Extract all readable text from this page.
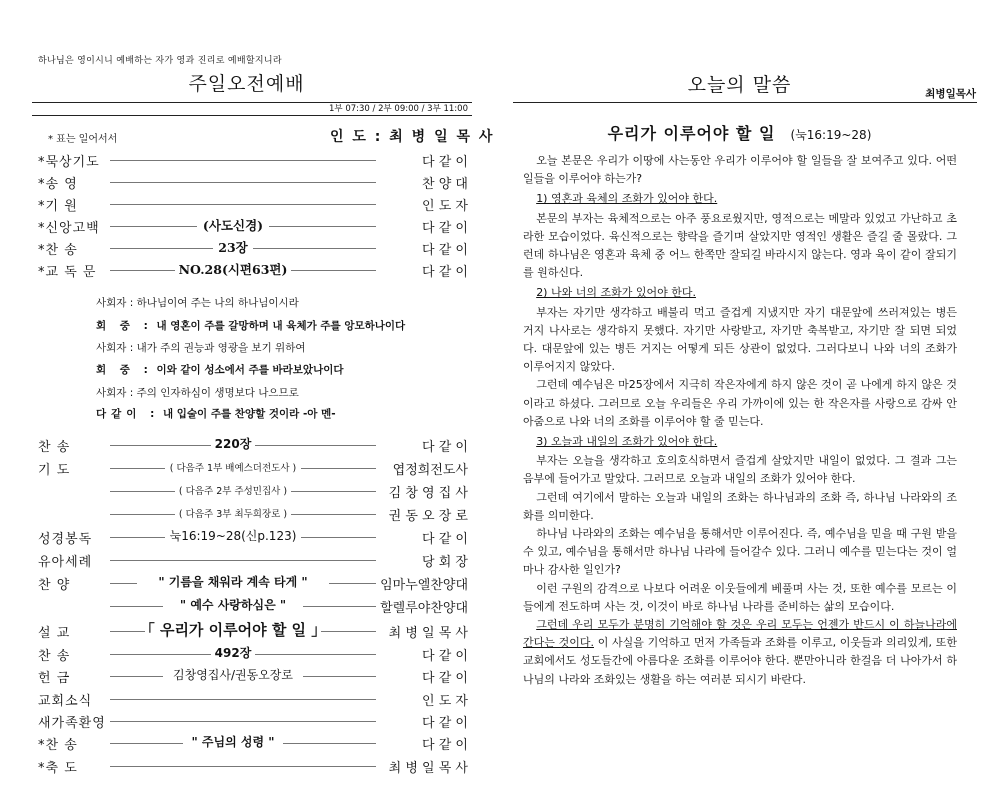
하나님은 영이시니 예배하는 자가 영과 진리로 예배할지니라
주일오전예배
1부 07:30 / 2부 09:00 / 3부 11:00
* 표는 일어서서	인 도 : 최 병 일 목 사
*묵상기도	다 같 이
*송 영	찬 양 대
*기 원	인 도 자
*신앙고백	(사도신경)	다 같 이
*찬 송	23장	다 같 이
*교 독 문	NO.28(시편63편)	다 같 이
사회자 : 하나님이여 주는 나의 하나님이시라
회 중 : 내 영혼이 주를 갈망하며 내 육체가 주를 앙모하나이다
사회자 : 내가 주의 권능과 영광을 보기 위하여
회 중 : 이와 같이 성소에서 주를 바라보았나이다
사회자 : 주의 인자하심이 생명보다 나으므로
다같이 : 내 입술이 주를 찬양할 것이라 -아 멘-
찬 송	220장	다 같 이
기 도	( 다음주 1부 배예스더전도사 )	엽정희전도사
( 다음주 2부 주성민집사 )	김 창 영 집 사
( 다음주 3부 최두희장로 )	권 동 오 장 로
성경봉독	눅16:19~28(신p.123)	다 같 이
유아세례	당 회 장
찬 양	" 기름을 채워라 계속 타게 "	임마누엘찬양대
" 예수 사랑하심은 "	할렐루야찬양대
설 교	「 우리가 이루어야 할 일 」	최 병 일 목 사
찬 송	492장	다 같 이
헌 금	김창영집사/권동오장로	다 같 이
교회소식	인 도 자
새가족환영	다 같 이
*찬 송	" 주님의 성령 "	다 같 이
*축 도	최 병 일 목 사
오늘의 말씀	최병일목사
우리가 이루어야 할 일 (눅16:19~28)

오늘 본문은 우리가 이땅에 사는동안 우리가 이루어야 할 일들을 잘 보여주고 있다. 어떤 일들을 이루어야 하는가?

1) 영혼과 육체의 조화가 있어야 한다.

본문의 부자는 육체적으로는 아주 풍요로웠지만, 영적으로는 메말라 있었고 가난하고 초라한 모습이었다. 육신적으로는 향락을 즐기며 살았지만 영적인 생활은 즐길 줄 몰랐다. 그런데 하나님은 영혼과 육체 중 어느 한쪽만 잘되길 바라시지 않는다. 영과 육이 같이 잘되기를 원하신다.

2) 나와 너의 조화가 있어야 한다.

부자는 자기만 생각하고 배불리 먹고 즐겁게 지냈지만 자기 대문앞에 쓰러져있는 병든 거지 나사로는 생각하지 못했다. 자기만 사랑받고, 자기만 축복받고, 자기만 잘 되면 되었다. 대문앞에 있는 병든 거지는 어떻게 되든 상관이 없었다. 그러다보니 나와 너의 조화가 이루어지지 않았다.

그런데 예수님은 마25장에서 지극히 작은자에게 하지 않은 것이 곧 나에게 하지 않은 것이라고 하셨다. 그러므로 오늘 우리들은 우리 가까이에 있는 한 작은자를 사랑으로 감싸 안아줌으로 나와 너의 조화를 이루어야 할 줄 믿는다.

3) 오늘과 내일의 조화가 있어야 한다.

부자는 오늘을 생각하고 호의호식하면서 즐겁게 살았지만 내일이 없었다. 그 결과 그는 음부에 들어가고 말았다. 그러므로 오늘과 내일의 조화가 있어야 한다.

그런데 여기에서 말하는 오늘과 내일의 조화는 하나님과의 조화 즉, 하나님 나라와의 조화를 의미한다.

하나님 나라와의 조화는 예수님을 통해서만 이루어진다. 즉, 예수님을 믿을 때 구원 받을 수 있고, 예수님을 통해서만 하나님 나라에 들어갈수 있다. 그러니 예수를 믿는다는 것이 얼마나 감사한 일인가?

이런 구원의 감격으로 나보다 어려운 이웃들에게 베풀며 사는 것, 또한 예수를 모르는 이들에게 전도하며 사는 것, 이것이 바로 하나님 나라를 준비하는 삶의 모습이다.

그런데 우리 모두가 분명히 기억해야 할 것은 우리 모두는 언젠가 반드시 이 하늘나라에 간다는 것이다. 이 사실을 기억하고 먼저 가족들과 조화를 이루고, 이웃들과 의리있게, 또한 교회에서도 성도들간에 아름다운 조화를 이루어야 한다. 뿐만아니라 한걸음 더 나아가서 하나님의 나라와 조화있는 생활을 하는 여러분 되시기 바란다.
